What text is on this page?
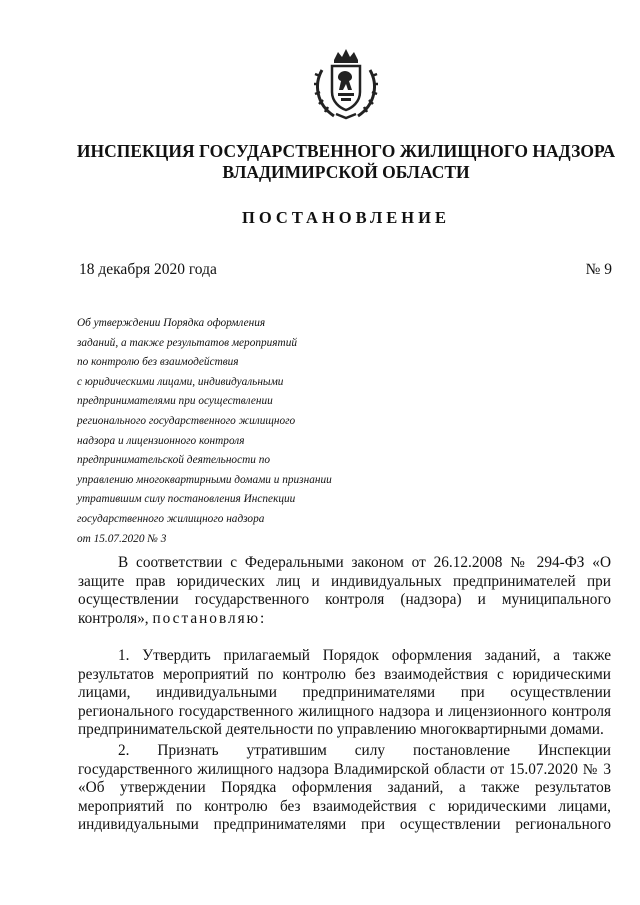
ИНСПЕКЦИЯ ГОСУДАРСТВЕННОГО ЖИЛИЩНОГО НАДЗОРА
ВЛАДИМИРСКОЙ ОБЛАСТИ
ПОСТАНОВЛЕНИЕ
18 декабря 2020 года	№ 9
Об утверждении Порядка оформления
заданий, а также результатов мероприятий
по контролю без взаимодействия
с юридическими лицами, индивидуальными
предпринимателями при осуществлении
регионального государственного жилищного
надзора и лицензионного контроля
предпринимательской деятельности по
управлению многоквартирными домами и признании
утратившим силу постановления Инспекции
государственного жилищного надзора
от 15.07.2020 № 3
В соответствии с Федеральными законом от 26.12.2008 № 294-ФЗ «О
защите прав юридических лиц и индивидуальных предпринимателей при
осуществлении государственного контроля (надзора) и муниципального
контроля», постановляю:
1. Утвердить прилагаемый Порядок оформления заданий, а также
результатов мероприятий по контролю без взаимодействия с юридическими
лицами, индивидуальными предпринимателями при осуществлении
регионального государственного жилищного надзора и лицензионного контроля
предпринимательской деятельности по управлению многоквартирными домами.
2. Признать утратившим силу постановление Инспекции
государственного жилищного надзора Владимирской области от 15.07.2020 № 3
«Об утверждении Порядка оформления заданий, а также результатов
мероприятий по контролю без взаимодействия с юридическими лицами,
индивидуальными предпринимателями при осуществлении регионального
